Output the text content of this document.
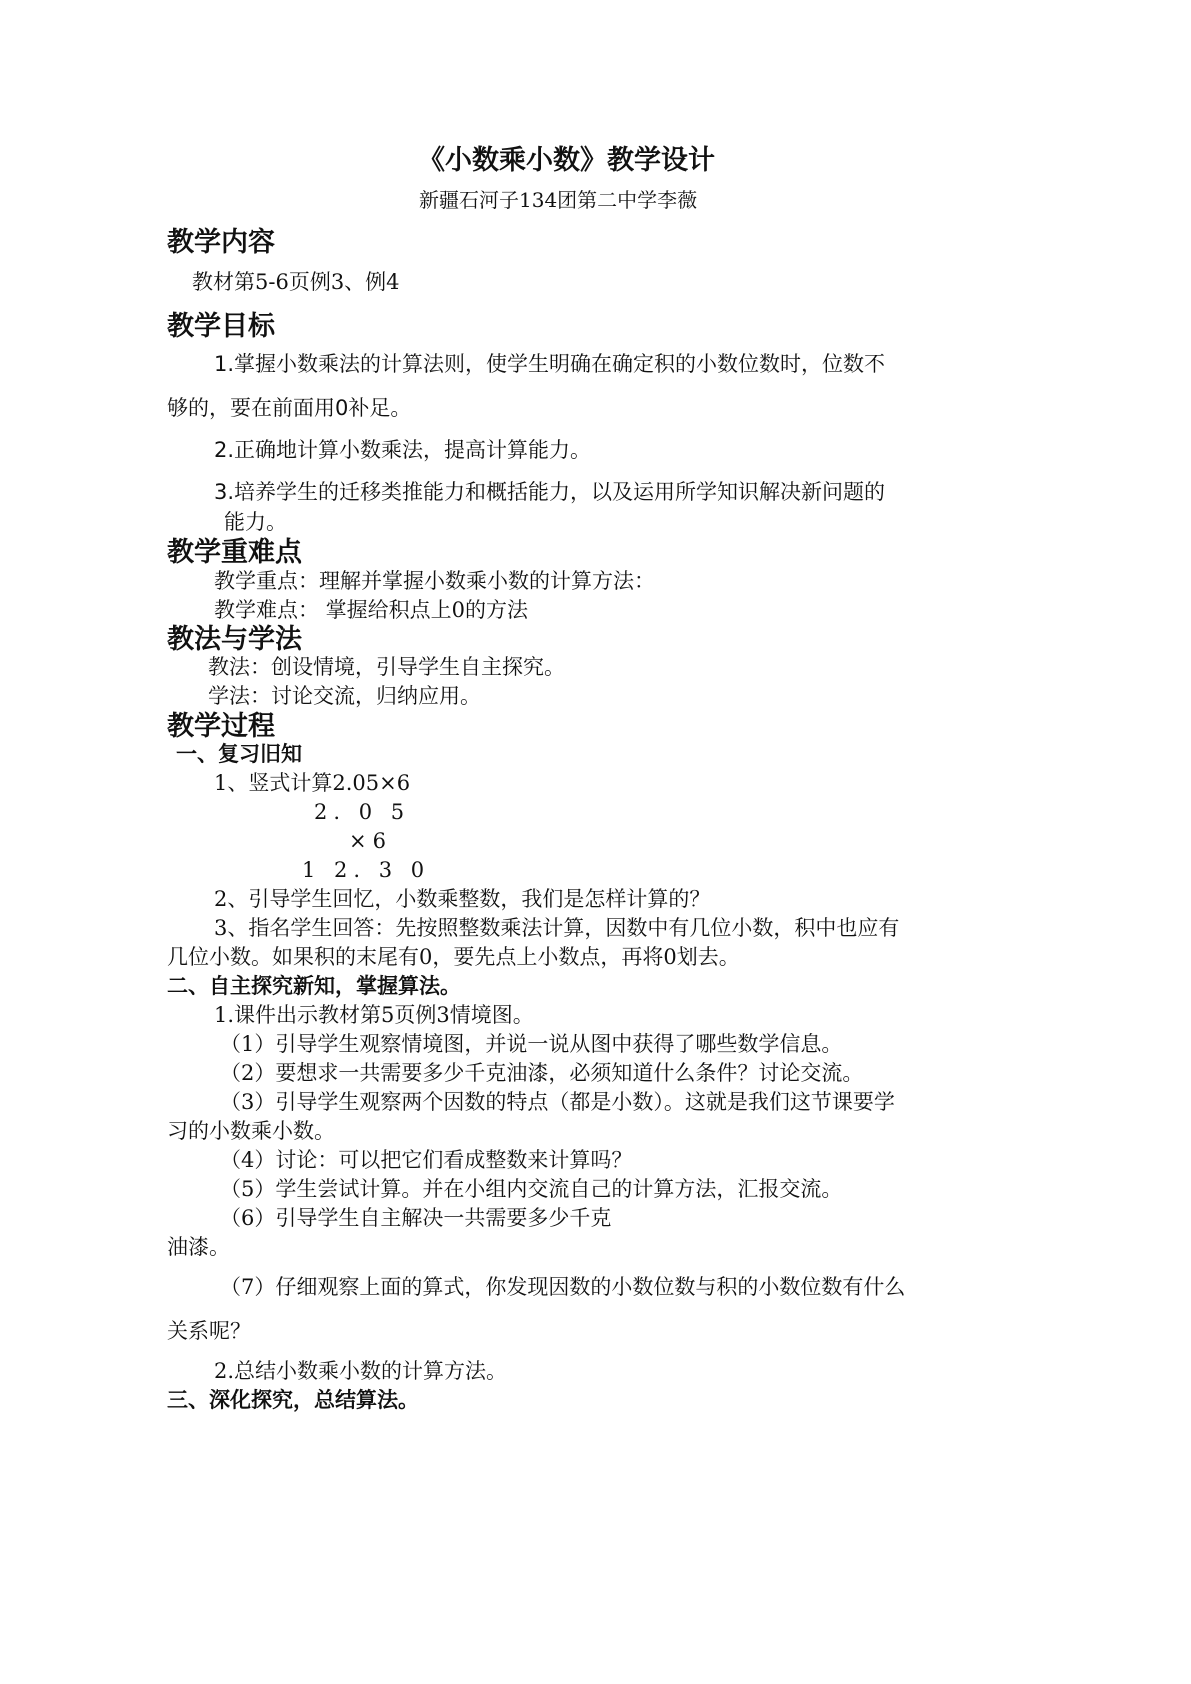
《小数乘小数》教学设计
新疆石河子134团第二中学李薇
教学内容
教材第5-6页例3、例4
教学目标
1.掌握小数乘法的计算法则，使学生明确在确定积的小数位数时，位数不
够的，要在前面用0补足。
2.正确地计算小数乘法，提高计算能力。
3.培养学生的迁移类推能力和概括能力，以及运用所学知识解决新问题的
能力。
教学重难点
教学重点：理解并掌握小数乘小数的计算方法：
教学难点： 掌握给积点上0的方法
教法与学法
教法：创设情境，引导学生自主探究。
学法：讨论交流，归纳应用。
教学过程
一、复习旧知
1、竖式计算2.05×6
2. 0 5
×6
1 2. 3 0
2、引导学生回忆，小数乘整数，我们是怎样计算的？
3、指名学生回答：先按照整数乘法计算，因数中有几位小数，积中也应有
几位小数。如果积的末尾有0，要先点上小数点，再将0划去。
二、自主探究新知，掌握算法。
1.课件出示教材第5页例3情境图。
（1）引导学生观察情境图，并说一说从图中获得了哪些数学信息。
（2）要想求一共需要多少千克油漆，必须知道什么条件？讨论交流。
（3）引导学生观察两个因数的特点（都是小数）。这就是我们这节课要学
习的小数乘小数。
（4）讨论：可以把它们看成整数来计算吗？
（5）学生尝试计算。并在小组内交流自己的计算方法，汇报交流。
（6）引导学生自主解决一共需要多少千克
油漆。
（7）仔细观察上面的算式，你发现因数的小数位数与积的小数位数有什么
关系呢？
2.总结小数乘小数的计算方法。
三、深化探究，总结算法。
